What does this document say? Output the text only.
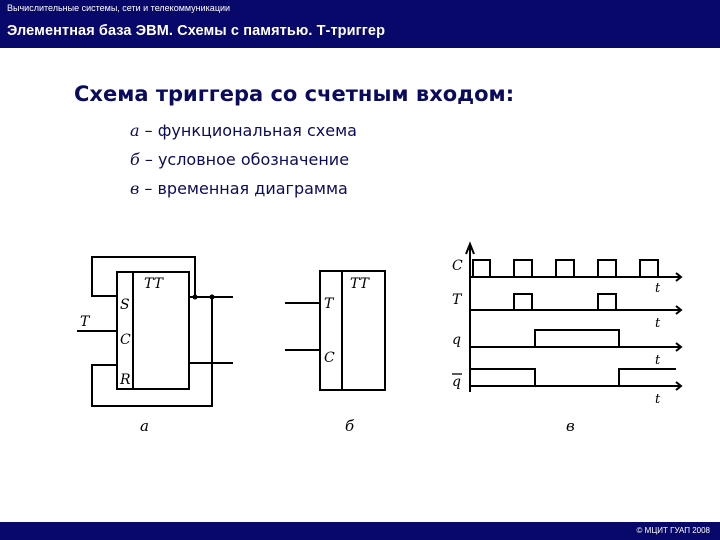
Вычислительные системы, сети и телекоммуникации
Элементная база ЭВМ. Схемы с памятью. Т-триггер
Схема триггера со счетным входом:
а – функциональная схема
б – условное обозначение
в – временная диаграмма
TT
S
C
R
T
а
TT
T
C
б
C
T
q
q
t
t
t
t
в
© МЦИТ ГУАП 2008
